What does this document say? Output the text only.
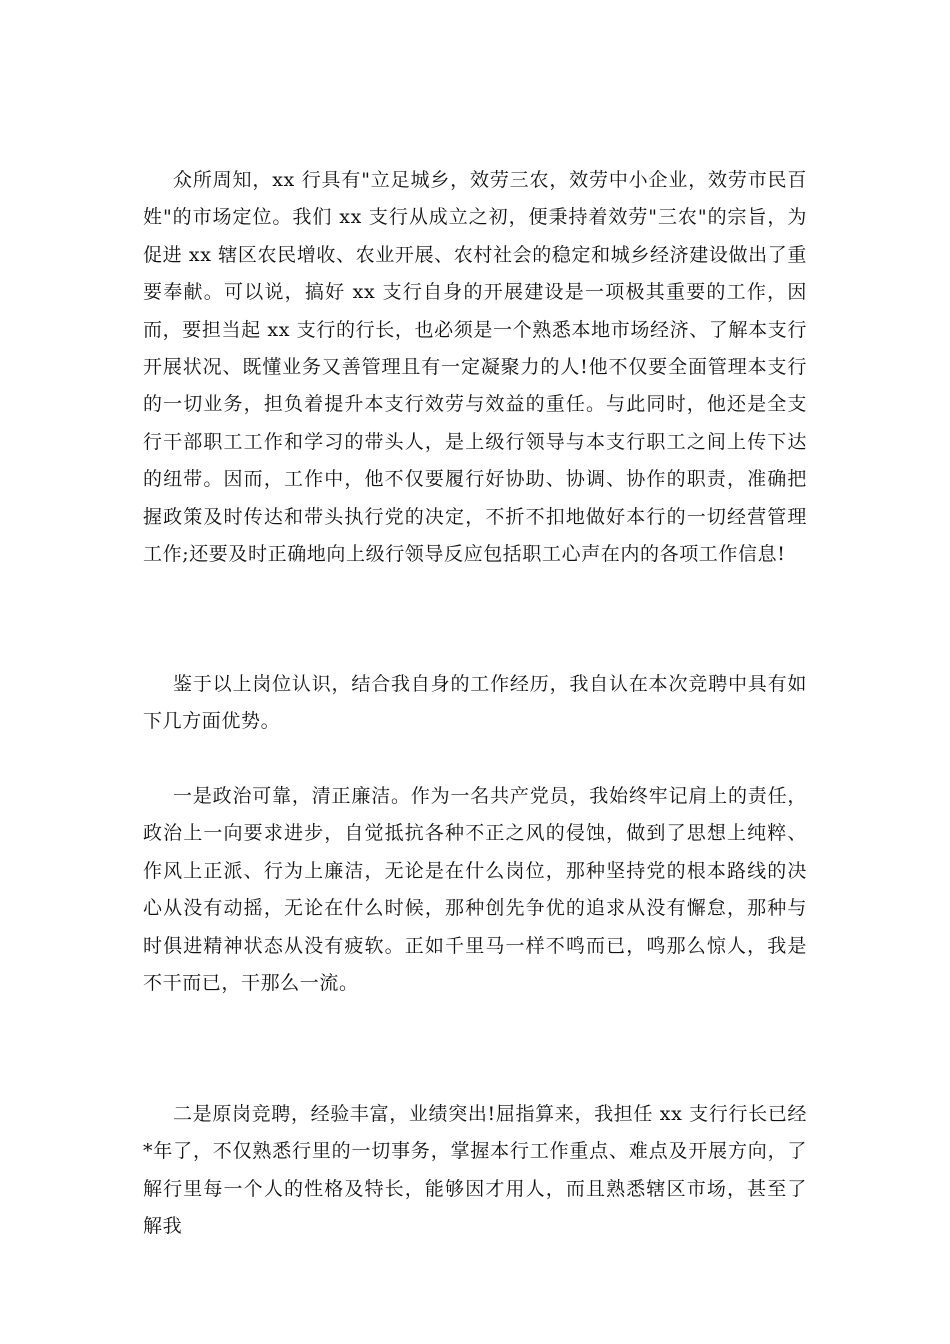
众所周知，xx 行具有"立足城乡，效劳三农，效劳中小企业，效劳市民百姓"的市场定位。我们 xx 支行从成立之初，便秉持着效劳"三农"的宗旨，为促进 xx 辖区农民增收、农业开展、农村社会的稳定和城乡经济建设做出了重要奉献。可以说，搞好 xx 支行自身的开展建设是一项极其重要的工作，因而，要担当起 xx 支行的行长，也必须是一个熟悉本地市场经济、了解本支行开展状况、既懂业务又善管理且有一定凝聚力的人!他不仅要全面管理本支行的一切业务，担负着提升本支行效劳与效益的重任。与此同时，他还是全支行干部职工工作和学习的带头人，是上级行领导与本支行职工之间上传下达的纽带。因而，工作中，他不仅要履行好协助、协调、协作的职责，准确把握政策及时传达和带头执行党的决定，不折不扣地做好本行的一切经营管理工作;还要及时正确地向上级行领导反应包括职工心声在内的各项工作信息!

鉴于以上岗位认识，结合我自身的工作经历，我自认在本次竞聘中具有如下几方面优势。

一是政治可靠，清正廉洁。作为一名共产党员，我始终牢记肩上的责任，政治上一向要求进步，自觉抵抗各种不正之风的侵蚀，做到了思想上纯粹、作风上正派、行为上廉洁，无论是在什么岗位，那种坚持党的根本路线的决心从没有动摇，无论在什么时候，那种创先争优的追求从没有懈怠，那种与时俱进精神状态从没有疲软。正如千里马一样不鸣而已，鸣那么惊人，我是不干而已，干那么一流。

二是原岗竞聘，经验丰富，业绩突出!屈指算来，我担任 xx 支行行长已经*年了，不仅熟悉行里的一切事务，掌握本行工作重点、难点及开展方向，了解行里每一个人的性格及特长，能够因才用人，而且熟悉辖区市场，甚至了解我
